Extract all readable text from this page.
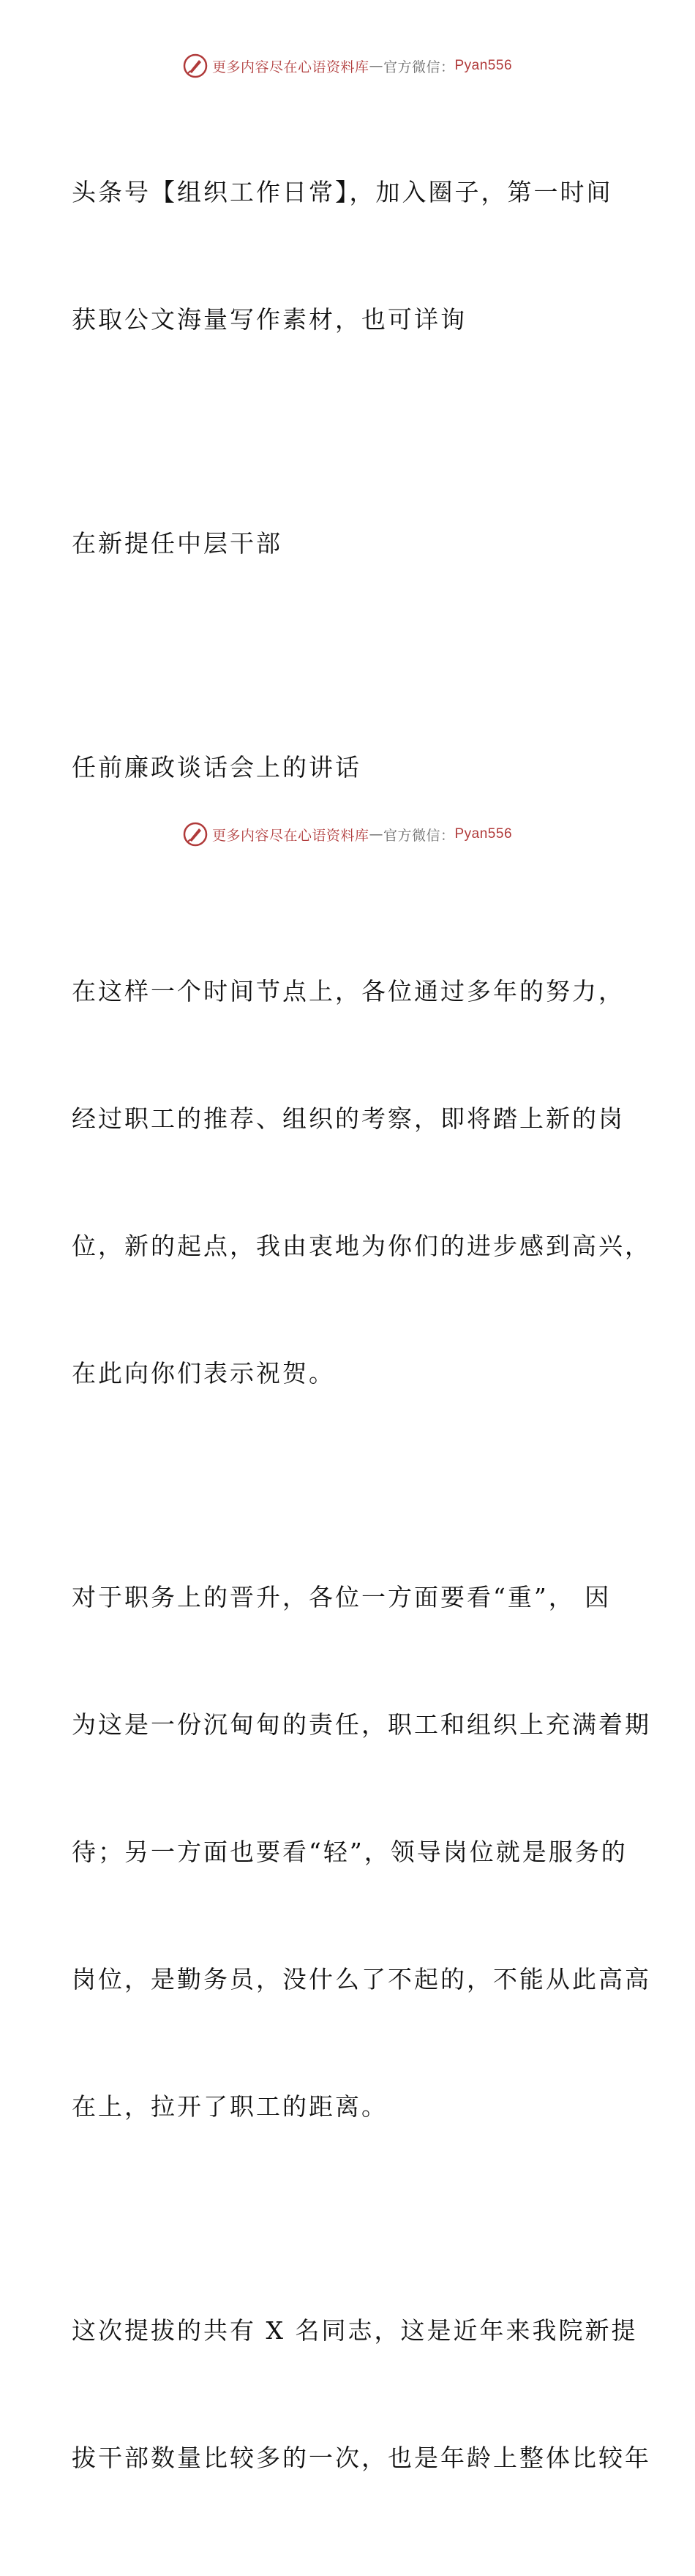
更多内容尽在心语资料库 — 官方微信： Pyan556

头条号【组织工作日常】，加入圈子，第一时间

获取公文海量写作素材，也可详询

在新提任中层干部

任前廉政谈话会上的讲话

在这样一个时间节点上，各位通过多年的努力，

经过职工的推荐、组织的考察，即将踏上新的岗

位，新的起点，我由衷地为你们的进步感到高兴，

在此向你们表示祝贺。

对于职务上的晋升，各位一方面要看“重”， 因

为这是一份沉甸甸的责任，职工和组织上充满着期

待；另一方面也要看“轻”，领导岗位就是服务的

岗位，是勤务员，没什么了不起的，不能从此高高

在上，拉开了职工的距离。

这次提拔的共有 X 名同志，这是近年来我院新提

拔干部数量比较多的一次，也是年龄上整体比较年

更多内容尽在心语资料库 — 官方微信： Pyan556
